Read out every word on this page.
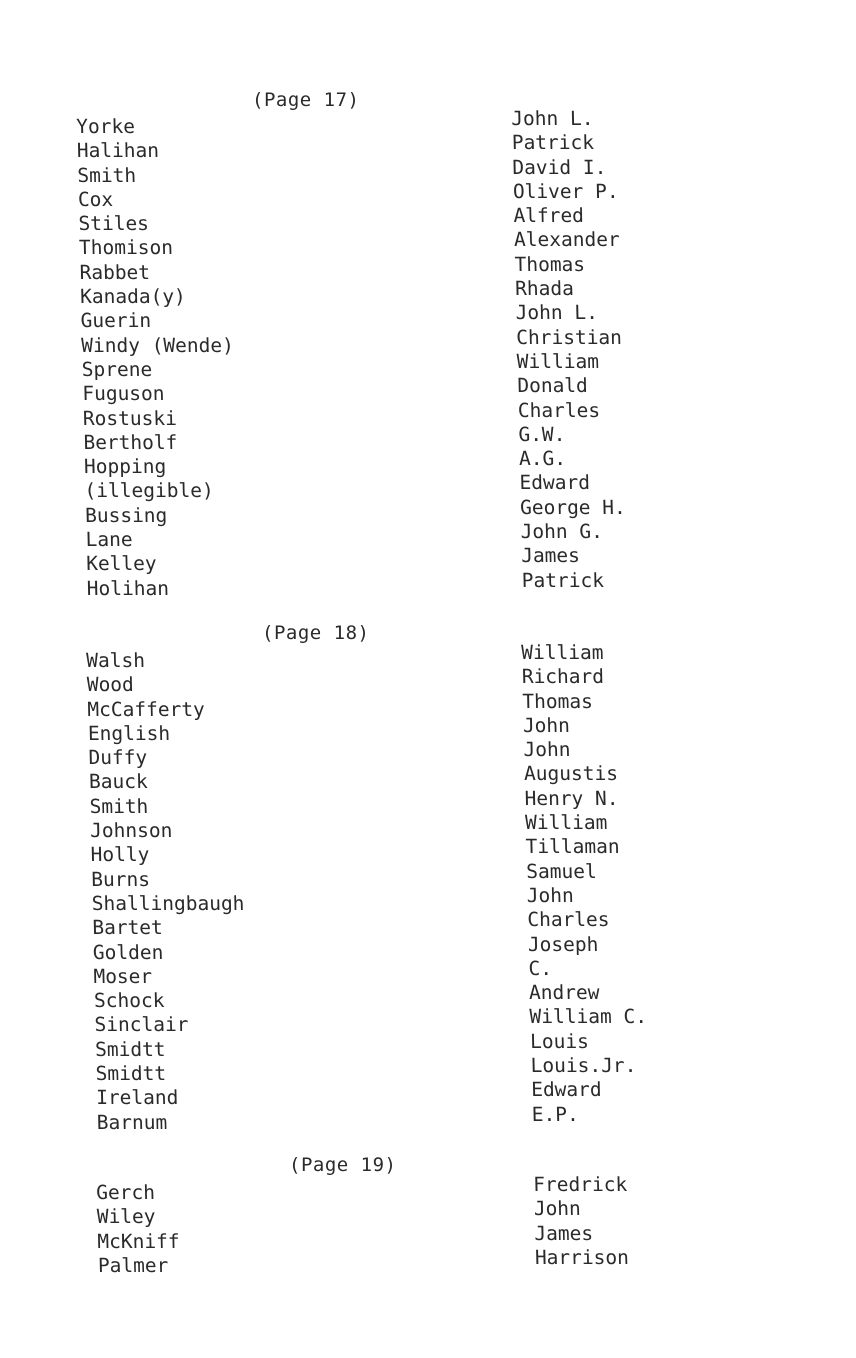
(Page 17)
Yorke
Halihan
Smith
Cox
Stiles
Thomison
Rabbet
Kanada(y)
Guerin
Windy (Wende)
Sprene
Fuguson
Rostuski
Bertholf
Hopping
(illegible)
Bussing
Lane
Kelley
Holihan
John L.
Patrick
David I.
Oliver P.
Alfred
Alexander
Thomas
Rhada
John L.
Christian
William
Donald
Charles
G.W.
A.G.
Edward
George H.
John G.
James
Patrick
(Page 18)
Walsh
Wood
McCafferty
English
Duffy
Bauck
Smith
Johnson
Holly
Burns
Shallingbaugh
Bartet
Golden
Moser
Schock
Sinclair
Smidtt
Smidtt
Ireland
Barnum
William
Richard
Thomas
John
John
Augustis
Henry N.
William
Tillaman
Samuel
John
Charles
Joseph
C.
Andrew
William C.
Louis
Louis.Jr.
Edward
E.P.
(Page 19)
Gerch
Wiley
McKniff
Palmer
Fredrick
John
James
Harrison
